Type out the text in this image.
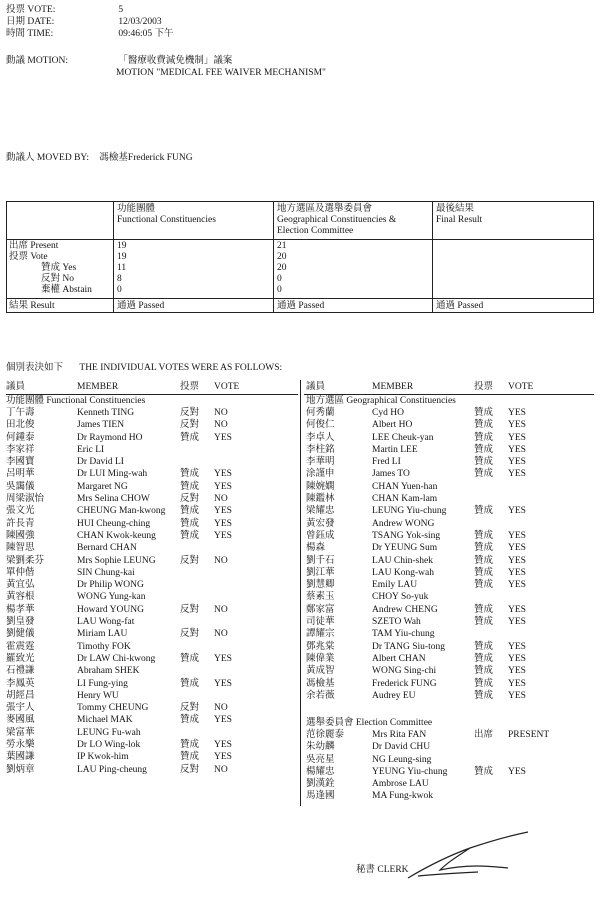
投票 VOTE:	5
日期 DATE:	12/03/2003
時間 TIME:	09:46:05 下午
動議 MOTION:	「醫療收費減免機制」議案
MOTION "MEDICAL FEE WAIVER MECHANISM"
動議人 MOVED BY: 馮檢基Frederick FUNG
功能團體
Functional Constituencies
地方選區及選舉委員會
Geographical Constituencies &
Election Committee
最後結果
Final Result
出席 Present	19	21
投票 Vote	19	20
贊成 Yes	11	20
反對 No	8	0
棄權 Abstain	0	0
結果 Result	通過 Passed	通過 Passed	通過 Passed
個別表決如下 THE INDIVIDUAL VOTES WERE AS FOLLOWS:
議員	MEMBER	投票 VOTE	議員	MEMBER	投票 VOTE
功能團體 Functional Constituencies	地方選區 Geographical Constituencies
丁午壽	Kenneth TING	反對 NO
田北俊	James TIEN	反對 NO
何鍾泰	Dr Raymond HO	贊成 YES
李家祥	Eric LI
李國寶	Dr David LI
呂明華	Dr LUI Ming-wah	贊成 YES
吳靄儀	Margaret NG	贊成 YES
周梁淑怡	Mrs Selina CHOW	反對 NO
張文光	CHEUNG Man-kwong 贊成 YES
許長青	HUI Cheung-ching	贊成 YES
陳國強	CHAN Kwok-keung	贊成 YES
陳智思	Bernard CHAN
梁劉柔芬	Mrs Sophie LEUNG	反對 NO
單仲偕	SIN Chung-kai
黃宜弘	Dr Philip WONG
黃容根	WONG Yung-kan
楊孝華	Howard YOUNG	反對 NO
劉皇發	LAU Wong-fat
劉健儀	Miriam LAU	反對 NO
霍震霆	Timothy FOK
羅致光	Dr LAW Chi-kwong	贊成 YES
石禮謙	Abraham SHEK
李鳳英	LI Fung-ying	贊成 YES
胡經昌	Henry WU
張宇人	Tommy CHEUNG	反對 NO
麥國風	Michael MAK	贊成 YES
梁富華	LEUNG Fu-wah
勞永樂	Dr LO Wing-lok	贊成 YES
葉國謙	IP Kwok-him	贊成 YES
劉炳章	LAU Ping-cheung	反對 NO
何秀蘭	Cyd HO	贊成 YES
何俊仁	Albert HO	贊成 YES
李卓人	LEE Cheuk-yan	贊成 YES
李柱銘	Martin LEE	贊成 YES
李華明	Fred LI	贊成 YES
涂謹申	James TO	贊成 YES
陳婉嫻	CHAN Yuen-han
陳鑑林	CHAN Kam-lam
梁耀忠	LEUNG Yiu-chung	贊成 YES
黃宏發	Andrew WONG
曾鈺成	TSANG Yok-sing	贊成 YES
楊森	Dr YEUNG Sum	贊成 YES
劉千石	LAU Chin-shek	贊成 YES
劉江華	LAU Kong-wah	贊成 YES
劉慧卿	Emily LAU	贊成 YES
蔡素玉	CHOY So-yuk
鄭家富	Andrew CHENG	贊成 YES
司徒華	SZETO Wah	贊成 YES
譚耀宗	TAM Yiu-chung
鄧兆棠	Dr TANG Siu-tong	贊成 YES
陳偉業	Albert CHAN	贊成 YES
黃成智	WONG Sing-chi	贊成 YES
馮檢基	Frederick FUNG	贊成 YES
余若薇	Audrey EU	贊成 YES
選舉委員會 Election Committee
范徐麗泰	Mrs Rita FAN	出席 PRESENT
朱幼麟	Dr David CHU
吳亮星	NG Leung-sing
楊耀忠	YEUNG Yiu-chung	贊成 YES
劉漢銓	Ambrose LAU
馬逢國	MA Fung-kwok
秘書 CLERK
